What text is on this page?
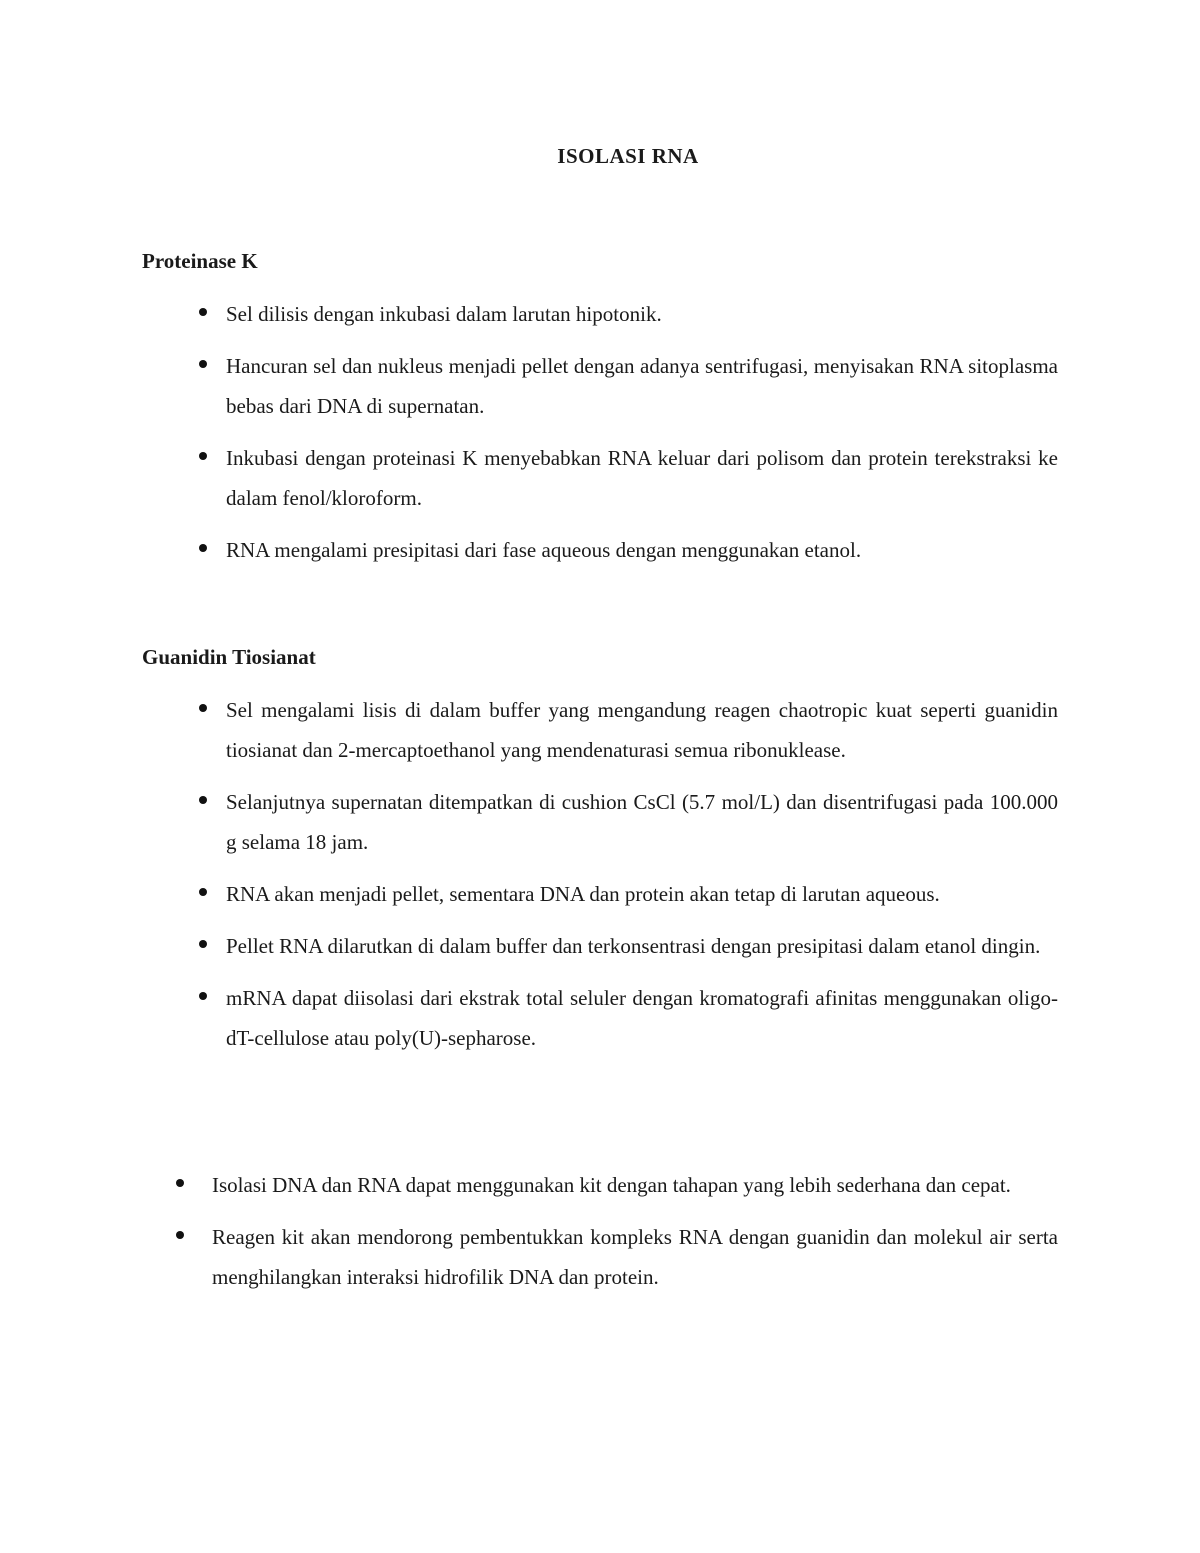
ISOLASI RNA
Proteinase K
Sel dilisis dengan inkubasi dalam larutan hipotonik.
Hancuran sel dan nukleus menjadi pellet dengan adanya sentrifugasi, menyisakan RNA sitoplasma bebas dari DNA di supernatan.
Inkubasi dengan proteinasi K menyebabkan RNA keluar dari polisom dan protein terekstraksi ke dalam fenol/kloroform.
RNA mengalami presipitasi dari fase aqueous dengan menggunakan etanol.
Guanidin Tiosianat
Sel mengalami lisis di dalam buffer yang mengandung reagen chaotropic kuat seperti guanidin tiosianat dan 2-mercaptoethanol yang mendenaturasi semua ribonuklease.
Selanjutnya supernatan ditempatkan di cushion CsCl (5.7 mol/L) dan disentrifugasi pada 100.000 g selama 18 jam.
RNA akan menjadi pellet, sementara DNA dan protein akan tetap di larutan aqueous.
Pellet RNA dilarutkan di dalam buffer dan terkonsentrasi dengan presipitasi dalam etanol dingin.
mRNA dapat diisolasi dari ekstrak total seluler dengan kromatografi afinitas menggunakan oligo-dT-cellulose atau poly(U)-sepharose.
Isolasi DNA dan RNA dapat menggunakan kit dengan tahapan yang lebih sederhana dan cepat.
Reagen kit akan mendorong pembentukkan kompleks RNA dengan guanidin dan molekul air serta menghilangkan interaksi hidrofilik DNA dan protein.
